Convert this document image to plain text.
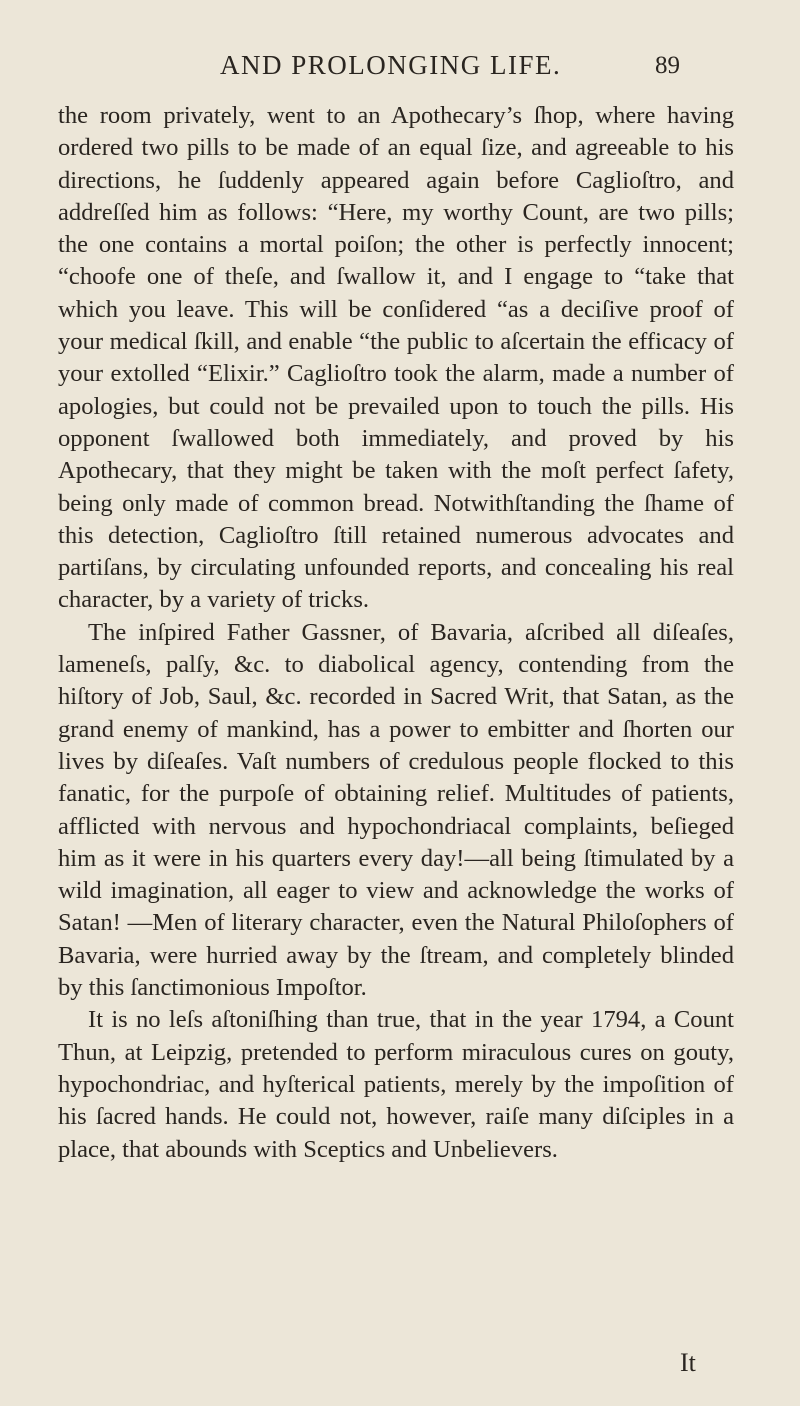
AND PROLONGING LIFE.	89

the room privately, went to an Apothecary’s ſhop, where having ordered two pills to be made of an equal ſize, and agreeable to his directions, he ſuddenly appeared again before Caglioſtro, and addreſſed him as follows: “Here, my worthy Count, are two pills; the one contains a mortal poiſon; the other is perfectly innocent; “choofe one of theſe, and ſwallow it, and I engage to “take that which you leave. This will be conſidered “as a deciſive proof of your medical ſkill, and enable “the public to aſcertain the efficacy of your extolled “Elixir.” Caglioſtro took the alarm, made a number of apologies, but could not be prevailed upon to touch the pills. His opponent ſwallowed both immediately, and proved by his Apothecary, that they might be taken with the moſt perfect ſafety, being only made of common bread. Notwithſtanding the ſhame of this detection, Caglioſtro ſtill retained numerous advocates and partiſans, by circulating unfounded reports, and concealing his real character, by a variety of tricks.

The inſpired Father Gassner, of Bavaria, aſcribed all diſeaſes, lameneſs, palſy, &c. to diabolical agency, contending from the hiſtory of Job, Saul, &c. recorded in Sacred Writ, that Satan, as the grand enemy of mankind, has a power to embitter and ſhorten our lives by diſeaſes. Vaſt numbers of credulous people flocked to this fanatic, for the purpoſe of obtaining relief. Multitudes of patients, afflicted with nervous and hypochondriacal complaints, beſieged him as it were in his quarters every day!—all being ſtimulated by a wild imagination, all eager to view and acknowledge the works of Satan! —Men of literary character, even the Natural Philoſophers of Bavaria, were hurried away by the ſtream, and completely blinded by this ſanctimonious Impoſtor.

It is no leſs aſtoniſhing than true, that in the year 1794, a Count Thun, at Leipzig, pretended to perform miraculous cures on gouty, hypochondriac, and hyſterical patients, merely by the impoſition of his ſacred hands. He could not, however, raiſe many diſciples in a place, that abounds with Sceptics and Unbelievers.

It
